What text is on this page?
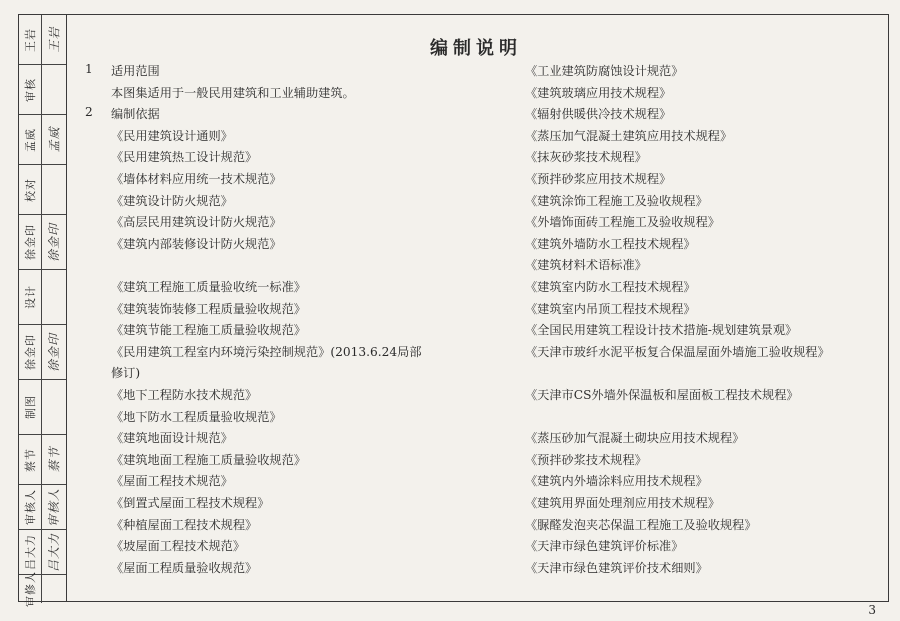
王岩 王岩
审核
孟威 孟威
校对
徐金印 徐金印
设计
徐金印 徐金印
制图
蔡节 蔡节
审核人 审核人
吕大力 吕大力
审修人
编制说明
1 适用范围
本图集适用于一般民用建筑和工业辅助建筑。
2 编制依据
《民用建筑设计通则》
《民用建筑热工设计规范》
《墙体材料应用统一技术规范》
《建筑设计防火规范》
《高层民用建筑设计防火规范》
《建筑内部装修设计防火规范》
《建筑工程施工质量验收统一标准》
《建筑装饰装修工程质量验收规范》
《建筑节能工程施工质量验收规范》
《民用建筑工程室内环境污染控制规范》(2013.6.24局部
修订)
《地下工程防水技术规范》
《地下防水工程质量验收规范》
《建筑地面设计规范》
《建筑地面工程施工质量验收规范》
《屋面工程技术规范》
《倒置式屋面工程技术规程》
《种植屋面工程技术规程》
《坡屋面工程技术规范》
《屋面工程质量验收规范》
《工业建筑防腐蚀设计规范》
《建筑玻璃应用技术规程》
《辐射供暖供冷技术规程》
《蒸压加气混凝土建筑应用技术规程》
《抹灰砂浆技术规程》
《预拌砂浆应用技术规程》
《建筑涂饰工程施工及验收规程》
《外墙饰面砖工程施工及验收规程》
《建筑外墙防水工程技术规程》
《建筑材料术语标准》
《建筑室内防水工程技术规程》
《建筑室内吊顶工程技术规程》
《全国民用建筑工程设计技术措施-规划建筑景观》
《天津市玻纤水泥平板复合保温屋面外墙施工验收规程》
《天津市CS外墙外保温板和屋面板工程技术规程》
《蒸压砂加气混凝土砌块应用技术规程》
《预拌砂浆技术规程》
《建筑内外墙涂料应用技术规程》
《建筑用界面处理剂应用技术规程》
《脲醛发泡夹芯保温工程施工及验收规程》
《天津市绿色建筑评价标准》
《天津市绿色建筑评价技术细则》
3
